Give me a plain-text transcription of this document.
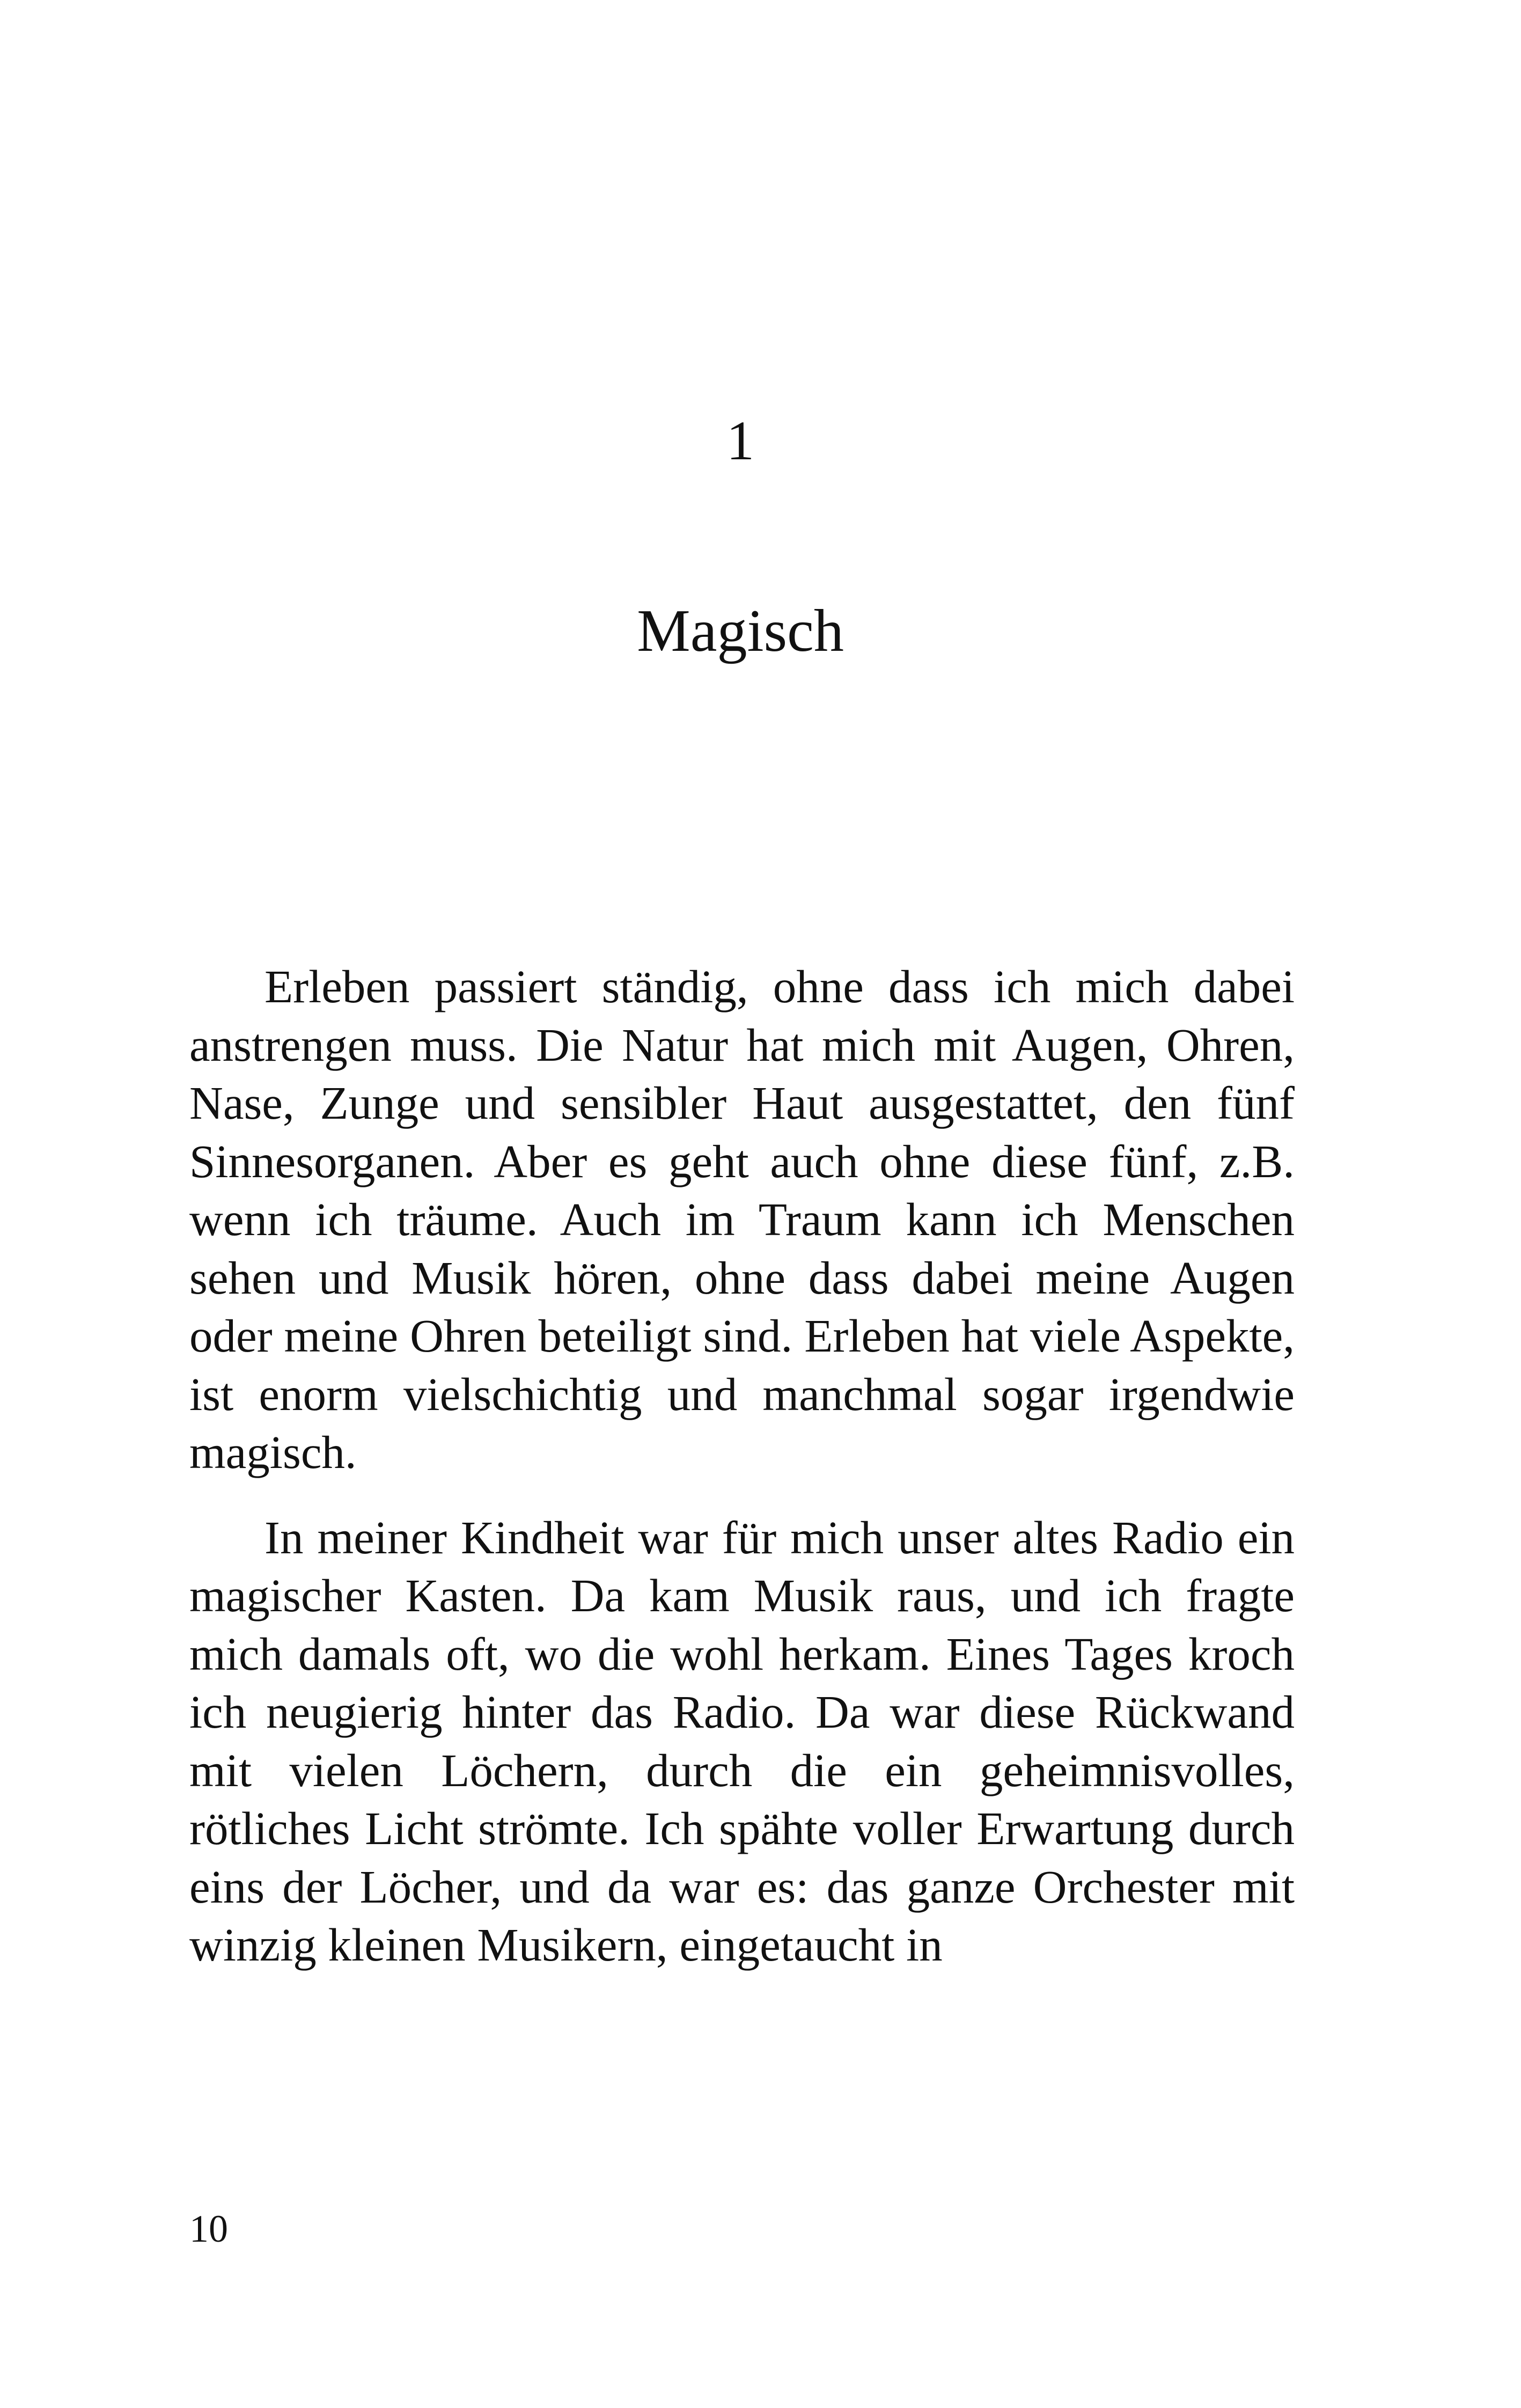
1
Magisch

Erleben passiert ständig, ohne dass ich mich dabei anstrengen muss. Die Natur hat mich mit Augen, Ohren, Nase, Zunge und sensibler Haut ausgestattet, den fünf Sinnesorganen. Aber es geht auch ohne diese fünf, z.B. wenn ich träume. Auch im Traum kann ich Menschen sehen und Musik hören, ohne dass dabei meine Augen oder meine Ohren beteiligt sind. Erleben hat viele Aspekte, ist enorm vielschichtig und manchmal sogar irgendwie magisch.

In meiner Kindheit war für mich unser altes Radio ein magischer Kasten. Da kam Musik raus, und ich fragte mich damals oft, wo die wohl herkam. Eines Tages kroch ich neugierig hinter das Radio. Da war diese Rückwand mit vielen Löchern, durch die ein geheimnisvolles, rötliches Licht strömte. Ich spähte voller Erwartung durch eins der Löcher, und da war es: das ganze Orchester mit winzig kleinen Musikern, eingetaucht in

10
